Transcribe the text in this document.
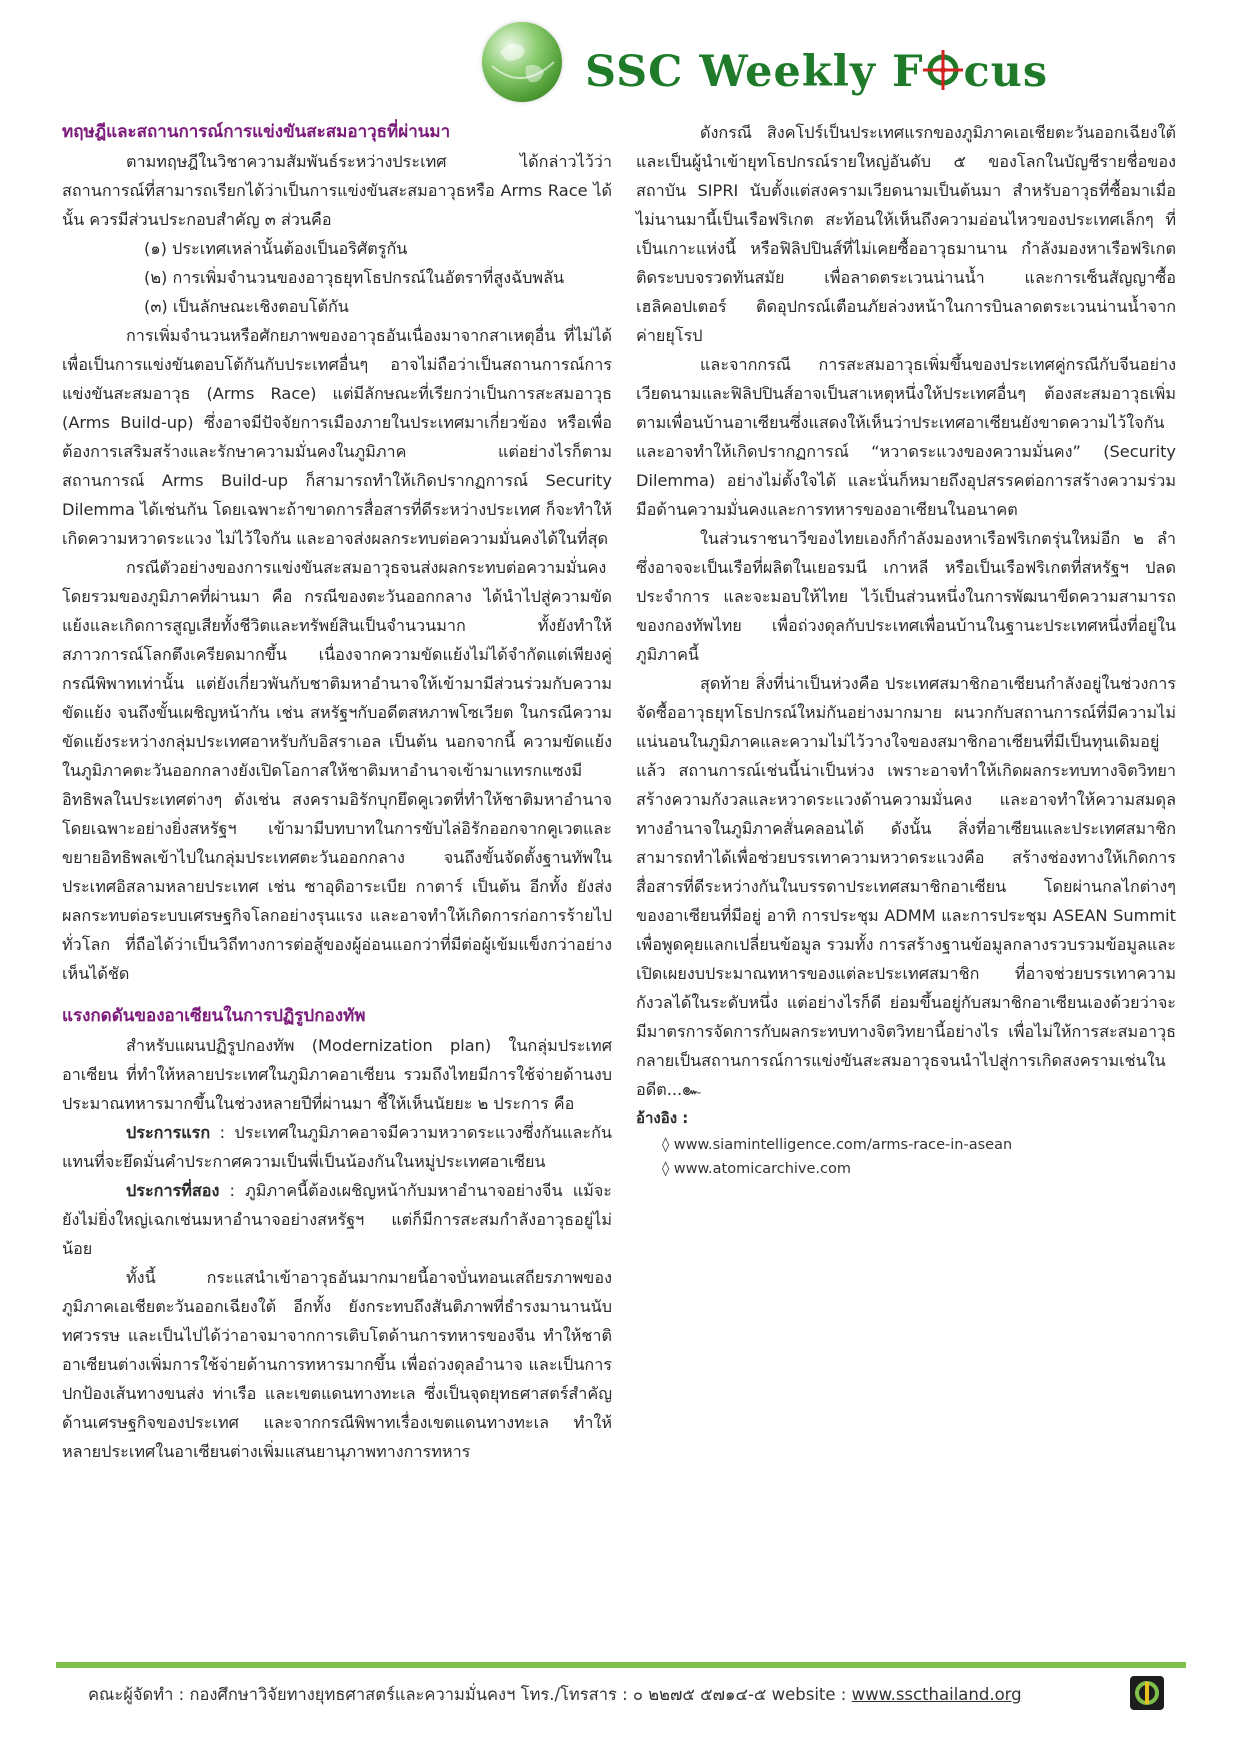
SSC Weekly F cus

ทฤษฎีและสถานการณ์การแข่งขันสะสมอาวุธที่ผ่านมา

ตามทฤษฎีในวิชาความสัมพันธ์ระหว่างประเทศ ได้กล่าวไว้ว่า สถานการณ์ที่สามารถเรียกได้ว่าเป็นการแข่งขันสะสมอาวุธหรือ Arms Race ได้นั้น ควรมีส่วนประกอบสำคัญ ๓ ส่วนคือ

(๑) ประเทศเหล่านั้นต้องเป็นอริศัตรูกัน

(๒) การเพิ่มจำนวนของอาวุธยุทโธปกรณ์ในอัตราที่สูงฉับพลัน

(๓) เป็นลักษณะเชิงตอบโต้กัน

การเพิ่มจำนวนหรือศักยภาพของอาวุธอันเนื่องมาจากสาเหตุอื่น ที่ไม่ได้เพื่อเป็นการแข่งขันตอบโต้กันกับประเทศอื่นๆ อาจไม่ถือว่าเป็นสถานการณ์การแข่งขันสะสมอาวุธ (Arms Race) แต่มีลักษณะที่เรียกว่าเป็นการสะสมอาวุธ (Arms Build-up) ซึ่งอาจมีปัจจัยการเมืองภายในประเทศมาเกี่ยวข้อง หรือเพื่อต้องการเสริมสร้างและรักษาความมั่นคงในภูมิภาค แต่อย่างไรก็ตาม สถานการณ์ Arms Build-up ก็สามารถทำให้เกิดปรากฏการณ์ Security Dilemma ได้เช่นกัน โดยเฉพาะถ้าขาดการสื่อสารที่ดีระหว่างประเทศ ก็จะทำให้เกิดความหวาดระแวง ไม่ไว้ใจกัน และอาจส่งผลกระทบต่อความมั่นคงได้ในที่สุด

กรณีตัวอย่างของการแข่งขันสะสมอาวุธจนส่งผลกระทบต่อความมั่นคงโดยรวมของภูมิภาคที่ผ่านมา คือ กรณีของตะวันออกกลาง ได้นำไปสู่ความขัดแย้งและเกิดการสูญเสียทั้งชีวิตและทรัพย์สินเป็นจำนวนมาก ทั้งยังทำให้สภาวการณ์โลกตึงเครียดมากขึ้น เนื่องจากความขัดแย้งไม่ได้จำกัดแต่เพียงคู่กรณีพิพาทเท่านั้น แต่ยังเกี่ยวพันกับชาติมหาอำนาจให้เข้ามามีส่วนร่วมกับความขัดแย้ง จนถึงขั้นเผชิญหน้ากัน เช่น สหรัฐฯกับอดีตสหภาพโซเวียต ในกรณีความขัดแย้งระหว่างกลุ่มประเทศอาหรับกับอิสราเอล เป็นต้น นอกจากนี้ ความขัดแย้งในภูมิภาคตะวันออกกลางยังเปิดโอกาสให้ชาติมหาอำนาจเข้ามาแทรกแซงมีอิทธิพลในประเทศต่างๆ ดังเช่น สงครามอิรักบุกยึดคูเวตที่ทำให้ชาติมหาอำนาจโดยเฉพาะอย่างยิ่งสหรัฐฯ เข้ามามีบทบาทในการขับไล่อิรักออกจากคูเวตและขยายอิทธิพลเข้าไปในกลุ่มประเทศตะวันออกกลาง จนถึงขั้นจัดตั้งฐานทัพในประเทศอิสลามหลายประเทศ เช่น ซาอุดิอาระเบีย กาตาร์ เป็นต้น อีกทั้ง ยังส่งผลกระทบต่อระบบเศรษฐกิจโลกอย่างรุนแรง และอาจทำให้เกิดการก่อการร้ายไปทั่วโลก ที่ถือได้ว่าเป็นวิถีทางการต่อสู้ของผู้อ่อนแอกว่าที่มีต่อผู้เข้มแข็งกว่าอย่างเห็นได้ชัด

แรงกดดันของอาเซียนในการปฏิรูปกองทัพ

สำหรับแผนปฏิรูปกองทัพ (Modernization plan) ในกลุ่มประเทศอาเซียน ที่ทำให้หลายประเทศในภูมิภาคอาเซียน รวมถึงไทยมีการใช้จ่ายด้านงบประมาณทหารมากขึ้นในช่วงหลายปีที่ผ่านมา ชี้ให้เห็นนัยยะ ๒ ประการ คือ

ประการแรก : ประเทศในภูมิภาคอาจมีความหวาดระแวงซึ่งกันและกัน แทนที่จะยึดมั่นคำประกาศความเป็นพี่เป็นน้องกันในหมู่ประเทศอาเซียน

ประการที่สอง : ภูมิภาคนี้ต้องเผชิญหน้ากับมหาอำนาจอย่างจีน แม้จะยังไม่ยิ่งใหญ่เฉกเช่นมหาอำนาจอย่างสหรัฐฯ แต่ก็มีการสะสมกำลังอาวุธอยู่ไม่น้อย

ทั้งนี้ กระแสนำเข้าอาวุธอันมากมายนี้อาจบั่นทอนเสถียรภาพของภูมิภาคเอเชียตะวันออกเฉียงใต้ อีกทั้ง ยังกระทบถึงสันติภาพที่ธำรงมานานนับทศวรรษ และเป็นไปได้ว่าอาจมาจากการเติบโตด้านการทหารของจีน ทำให้ชาติอาเซียนต่างเพิ่มการใช้จ่ายด้านการทหารมากขึ้น เพื่อถ่วงดุลอำนาจ และเป็นการปกป้องเส้นทางขนส่ง ท่าเรือ และเขตแดนทางทะเล ซึ่งเป็นจุดยุทธศาสตร์สำคัญด้านเศรษฐกิจของประเทศ และจากกรณีพิพาทเรื่องเขตแดนทางทะเล ทำให้หลายประเทศในอาเซียนต่างเพิ่มแสนยานุภาพทางการทหาร

ดังกรณี สิงคโปร์เป็นประเทศแรกของภูมิภาคเอเชียตะวันออกเฉียงใต้และเป็นผู้นำเข้ายุทโธปกรณ์รายใหญ่อันดับ ๕ ของโลกในบัญชีรายชื่อของสถาบัน SIPRI นับตั้งแต่สงครามเวียดนามเป็นต้นมา สำหรับอาวุธที่ซื้อมาเมื่อไม่นานมานี้เป็นเรือฟริเกต สะท้อนให้เห็นถึงความอ่อนไหวของประเทศเล็กๆ ที่เป็นเกาะแห่งนี้ หรือฟิลิปปินส์ที่ไม่เคยซื้ออาวุธมานาน กำลังมองหาเรือฟริเกตติดระบบจรวดทันสมัย เพื่อลาดตระเวนน่านน้ำ และการเซ็นสัญญาซื้อเฮลิคอปเตอร์ ติดอุปกรณ์เตือนภัยล่วงหน้าในการบินลาดตระเวนน่านน้ำจากค่ายยุโรป

และจากกรณี การสะสมอาวุธเพิ่มขึ้นของประเทศคู่กรณีกับจีนอย่างเวียดนามและฟิลิปปินส์อาจเป็นสาเหตุหนึ่งให้ประเทศอื่นๆ ต้องสะสมอาวุธเพิ่มตามเพื่อนบ้านอาเซียนซึ่งแสดงให้เห็นว่าประเทศอาเซียนยังขาดความไว้ใจกัน และอาจทำให้เกิดปรากฏการณ์ “หวาดระแวงของความมั่นคง” (Security Dilemma) อย่างไม่ตั้งใจได้ และนั่นก็หมายถึงอุปสรรคต่อการสร้างความร่วมมือด้านความมั่นคงและการทหารของอาเซียนในอนาคต

ในส่วนราชนาวีของไทยเองก็กำลังมองหาเรือฟริเกตรุ่นใหม่อีก ๒ ลำ ซึ่งอาจจะเป็นเรือที่ผลิตในเยอรมนี เกาหลี หรือเป็นเรือฟริเกตที่สหรัฐฯ ปลดประจำการ และจะมอบให้ไทย ไว้เป็นส่วนหนึ่งในการพัฒนาขีดความสามารถของกองทัพไทย เพื่อถ่วงดุลกับประเทศเพื่อนบ้านในฐานะประเทศหนึ่งที่อยู่ในภูมิภาคนี้

สุดท้าย สิ่งที่น่าเป็นห่วงคือ ประเทศสมาชิกอาเซียนกำลังอยู่ในช่วงการจัดซื้ออาวุธยุทโธปกรณ์ใหม่กันอย่างมากมาย ผนวกกับสถานการณ์ที่มีความไม่แน่นอนในภูมิภาคและความไม่ไว้วางใจของสมาชิกอาเซียนที่มีเป็นทุนเดิมอยู่แล้ว สถานการณ์เช่นนี้น่าเป็นห่วง เพราะอาจทำให้เกิดผลกระทบทางจิตวิทยา สร้างความกังวลและหวาดระแวงด้านความมั่นคง และอาจทำให้ความสมดุลทางอำนาจในภูมิภาคสั่นคลอนได้ ดังนั้น สิ่งที่อาเซียนและประเทศสมาชิกสามารถทำได้เพื่อช่วยบรรเทาความหวาดระแวงคือ สร้างช่องทางให้เกิดการสื่อสารที่ดีระหว่างกันในบรรดาประเทศสมาชิกอาเซียน โดยผ่านกลไกต่างๆ ของอาเซียนที่มีอยู่ อาทิ การประชุม ADMM และการประชุม ASEAN Summit เพื่อพูดคุยแลกเปลี่ยนข้อมูล รวมทั้ง การสร้างฐานข้อมูลกลางรวบรวมข้อมูลและเปิดเผยงบประมาณทหารของแต่ละประเทศสมาชิก ที่อาจช่วยบรรเทาความกังวลได้ในระดับหนึ่ง แต่อย่างไรก็ดี ย่อมขึ้นอยู่กับสมาชิกอาเซียนเองด้วยว่าจะมีมาตรการจัดการกับผลกระทบทางจิตวิทยานี้อย่างไร เพื่อไม่ให้การสะสมอาวุธกลายเป็นสถานการณ์การแข่งขันสะสมอาวุธจนนำไปสู่การเกิดสงครามเช่นในอดีต...๛

อ้างอิง :

◊ www.siamintelligence.com/arms-race-in-asean

◊ www.atomicarchive.com

คณะผู้จัดทำ : กองศึกษาวิจัยทางยุทธศาสตร์และความมั่นคงฯ โทร./โทรสาร : ๐ ๒๒๗๕ ๕๗๑๔-๕ website : www.sscthailand.org
